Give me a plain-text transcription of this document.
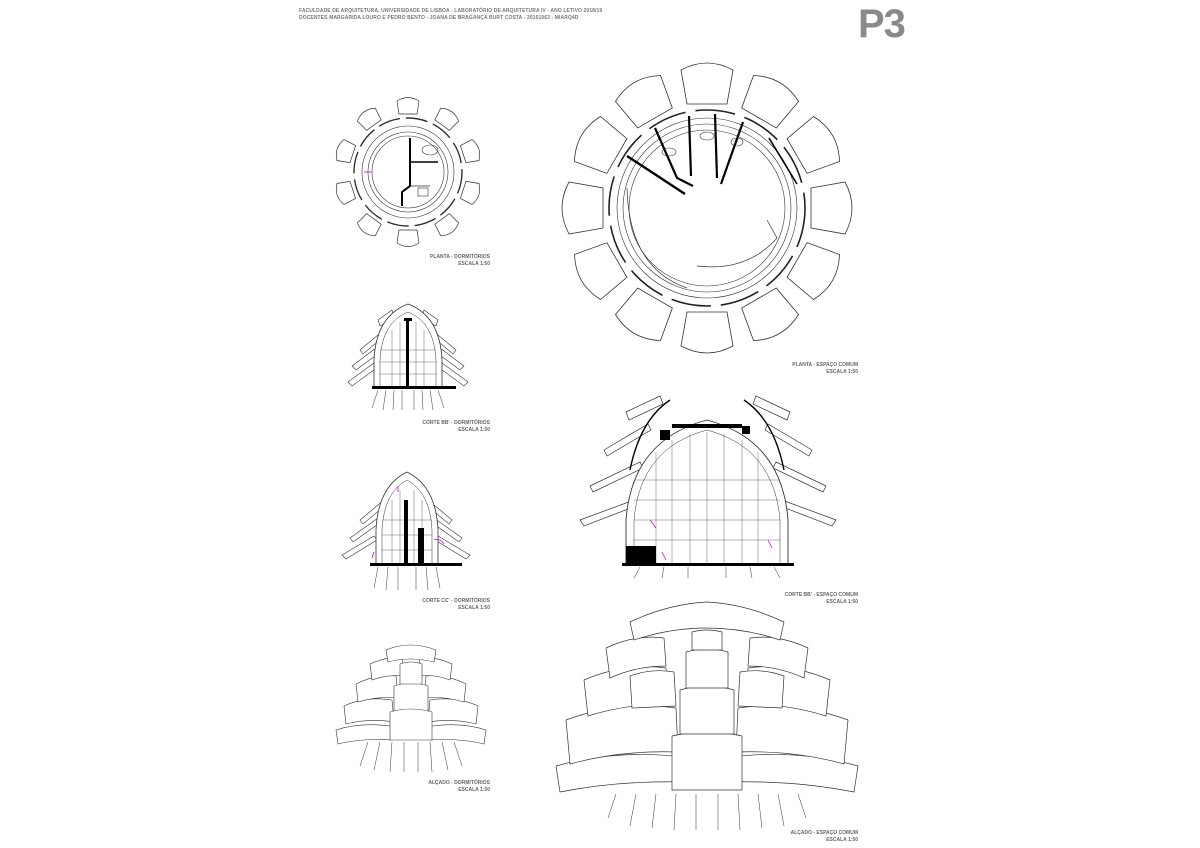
FACULDADE DE ARQUITETURA, UNIVERSIDADE DE LISBOA - LABORATÓRIO DE ARQUITETURA IV - ANO LETIVO 2018/19
DOCENTES MARGARIDA LOURO E PEDRO BENTO - JOANA DE BRAGANÇA BURT COSTA - 20151063 - MIARQ4D	P3
PLANTA - DORMITÓRIOS
ESCALA 1:50
PLANTA - ESPAÇO COMUM
ESCALA 1:50
CORTE BB' - DORMITÓRIOS
ESCALA 1:50
CORTE BB' - ESPAÇO COMUM
ESCALA 1:50
CORTE CC' - DORMITÓRIOS
ESCALA 1:50
ALÇADO - DORMITÓRIOS
ESCALA 1:50
ALÇADO - ESPAÇO COMUM
ESCALA 1:50
